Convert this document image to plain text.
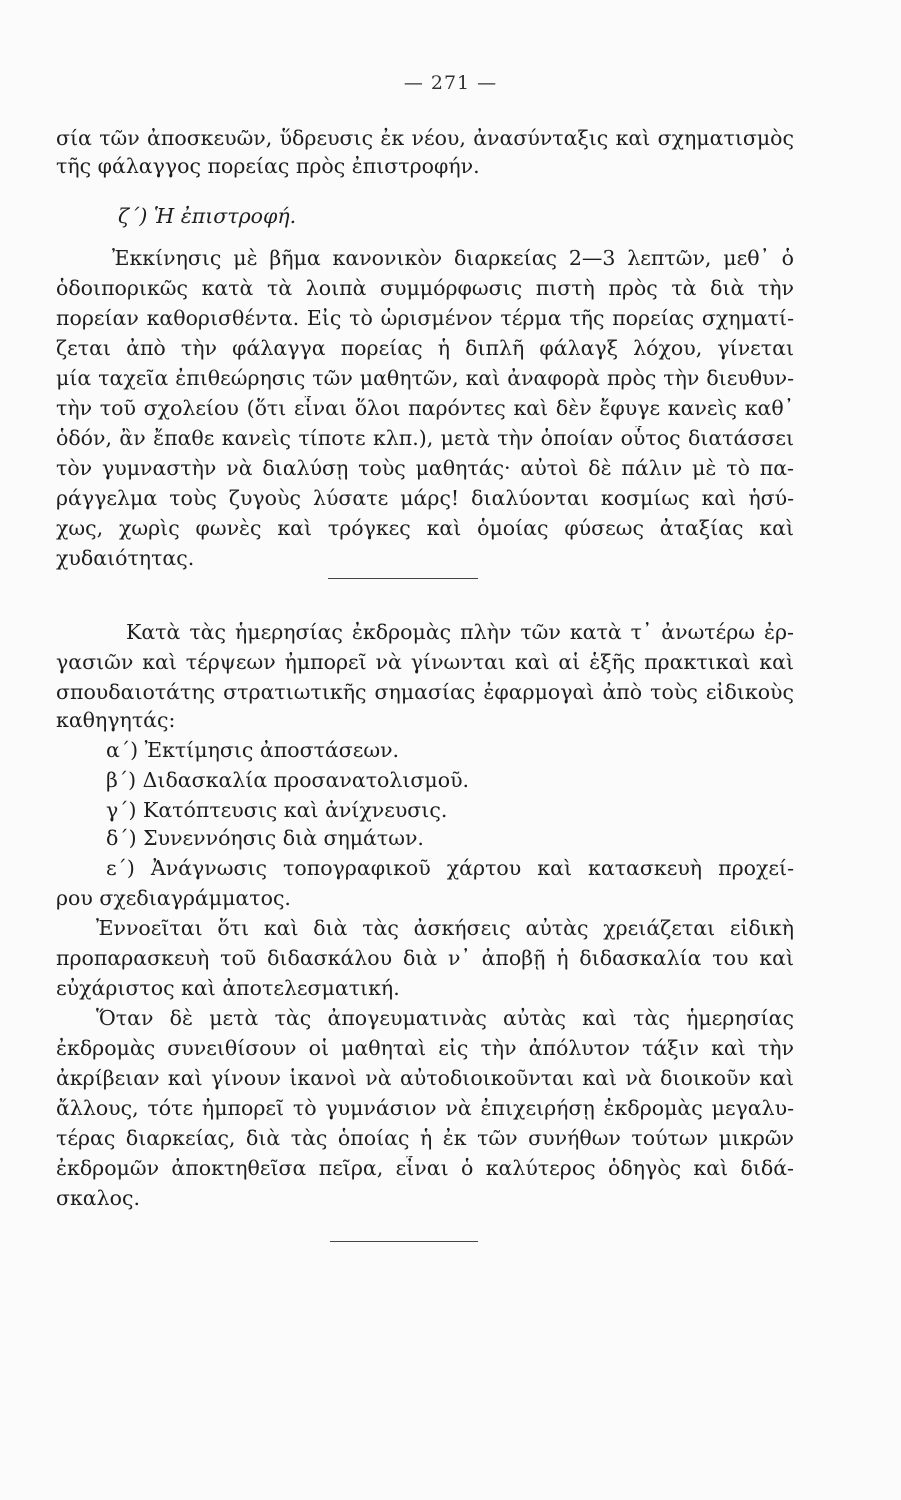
— 271 —
σία τῶν ἀποσκευῶν, ὕδρευσις ἐκ νέου, ἀνασύνταξις καὶ σχηματισμὸς
τῆς φάλαγγος πορείας πρὸς ἐπιστροφήν.
ζ΄) Ἡ ἐπιστροφή.
Ἐκκίνησις μὲ βῆμα κανονικὸν διαρκείας 2—3 λεπτῶν, μεθ᾽ ὁ
ὁδοιπορικῶς κατὰ τὰ λοιπὰ συμμόρφωσις πιστὴ πρὸς τὰ διὰ τὴν
πορείαν καθορισθέντα. Εἰς τὸ ὡρισμένον τέρμα τῆς πορείας σχηματί-
ζεται ἀπὸ τὴν φάλαγγα πορείας ἡ διπλῆ φάλαγξ λόχου, γίνεται
μία ταχεῖα ἐπιθεώρησις τῶν μαθητῶν, καὶ ἀναφορὰ πρὸς τὴν διευθυν-
τὴν τοῦ σχολείου (ὅτι εἶναι ὅλοι παρόντες καὶ δὲν ἔφυγε κανεὶς καθ᾽
ὁδόν, ἂν ἔπαθε κανεὶς τίποτε κλπ.), μετὰ τὴν ὁποίαν οὗτος διατάσσει
τὸν γυμναστὴν νὰ διαλύσῃ τοὺς μαθητάς· αὐτοὶ δὲ πάλιν μὲ τὸ πα-
ράγγελμα τοὺς ζυγοὺς λύσατε μάρς! διαλύονται κοσμίως καὶ ἡσύ-
χως, χωρὶς φωνὲς καὶ τρόγκες καὶ ὁμοίας φύσεως ἀταξίας καὶ
χυδαιότητας.
Κατὰ τὰς ἡμερησίας ἐκδρομὰς πλὴν τῶν κατὰ τ᾽ ἀνωτέρω ἐρ-
γασιῶν καὶ τέρψεων ἠμπορεῖ νὰ γίνωνται καὶ αἱ ἑξῆς πρακτικαὶ καὶ
σπουδαιοτάτης στρατιωτικῆς σημασίας ἐφαρμογαὶ ἀπὸ τοὺς εἰδικοὺς
καθηγητάς:
α΄) Ἐκτίμησις ἀποστάσεων.
β΄) Διδασκαλία προσανατολισμοῦ.
γ΄) Κατόπτευσις καὶ ἀνίχνευσις.
δ΄) Συνεννόησις διὰ σημάτων.
ε΄) Ἀνάγνωσις τοπογραφικοῦ χάρτου καὶ κατασκευὴ προχεί-
ρου σχεδιαγράμματος.
Ἐννοεῖται ὅτι καὶ διὰ τὰς ἀσκήσεις αὐτὰς χρειάζεται εἰδικὴ
προπαρασκευὴ τοῦ διδασκάλου διὰ ν᾽ ἀποβῇ ἡ διδασκαλία του καὶ
εὐχάριστος καὶ ἀποτελεσματική.
Ὅταν δὲ μετὰ τὰς ἀπογευματινὰς αὐτὰς καὶ τὰς ἡμερησίας
ἐκδρομὰς συνειθίσουν οἱ μαθηταὶ εἰς τὴν ἀπόλυτον τάξιν καὶ τὴν
ἀκρίβειαν καὶ γίνουν ἱκανοὶ νὰ αὐτοδιοικοῦνται καὶ νὰ διοικοῦν καὶ
ἄλλους, τότε ἠμπορεῖ τὸ γυμνάσιον νὰ ἐπιχειρήσῃ ἐκδρομὰς μεγαλυ-
τέρας διαρκείας, διὰ τὰς ὁποίας ἡ ἐκ τῶν συνήθων τούτων μικρῶν
ἐκδρομῶν ἀποκτηθεῖσα πεῖρα, εἶναι ὁ καλύτερος ὁδηγὸς καὶ διδά-
σκαλος.
